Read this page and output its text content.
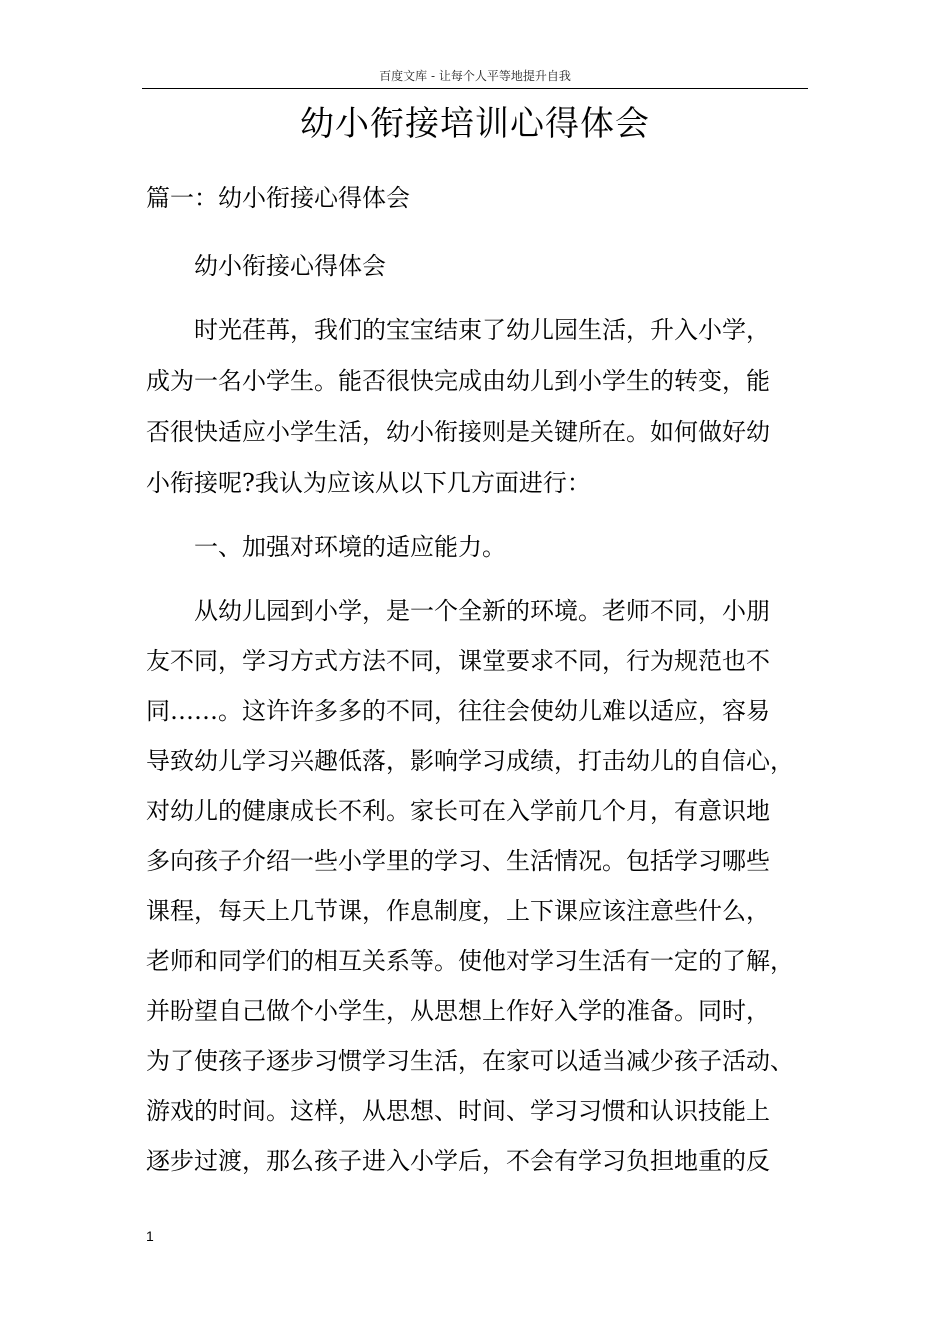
百度文库 - 让每个人平等地提升自我
幼小衔接培训心得体会
篇一：幼小衔接心得体会
幼小衔接心得体会
时光荏苒，我们的宝宝结束了幼儿园生活，升入小学，
成为一名小学生。能否很快完成由幼儿到小学生的转变，能
否很快适应小学生活，幼小衔接则是关键所在。如何做好幼
小衔接呢?我认为应该从以下几方面进行：
一、加强对环境的适应能力。
从幼儿园到小学，是一个全新的环境。老师不同，小朋
友不同，学习方式方法不同，课堂要求不同，行为规范也不
同……。这许许多多的不同，往往会使幼儿难以适应，容易
导致幼儿学习兴趣低落，影响学习成绩，打击幼儿的自信心，
对幼儿的健康成长不利。家长可在入学前几个月，有意识地
多向孩子介绍一些小学里的学习、生活情况。包括学习哪些
课程，每天上几节课，作息制度，上下课应该注意些什么，
老师和同学们的相互关系等。使他对学习生活有一定的了解，
并盼望自己做个小学生，从思想上作好入学的准备。同时，
为了使孩子逐步习惯学习生活，在家可以适当减少孩子活动、
游戏的时间。这样，从思想、时间、学习习惯和认识技能上
逐步过渡，那么孩子进入小学后，不会有学习负担地重的反
1
